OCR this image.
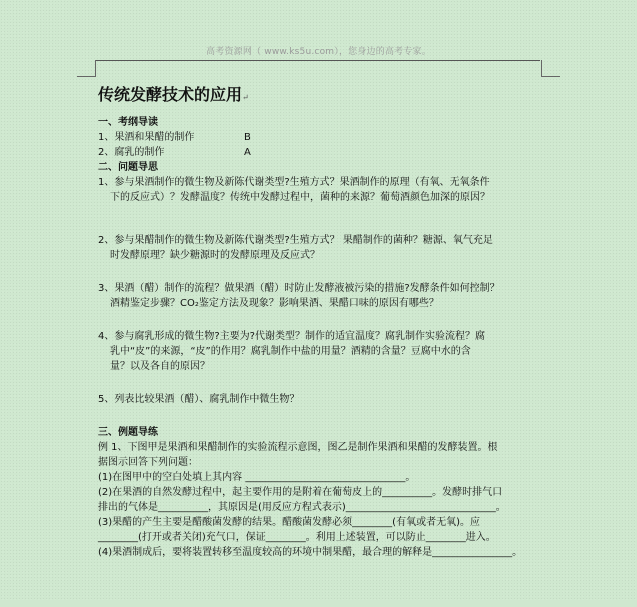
高考资源网（ www.ks5u.com），您身边的高考专家。
传统发酵技术的应用↵
一、考纲导读
1、果酒和果醋的制作	B
2、腐乳的制作	A
二、问题导思
1、参与果酒制作的微生物及新陈代谢类型?生殖方式？果酒制作的原理（有氧、无氧条件
下的反应式）？发酵温度？传统中发酵过程中，菌种的来源？葡萄酒颜色加深的原因？
2、参与果醋制作的微生物及新陈代谢类型?生殖方式？ 果醋制作的菌种？糖源、氧气充足
时发酵原理？缺少糖源时的发酵原理及反应式？
3、果酒（醋）制作的流程？做果酒（醋）时防止发酵液被污染的措施?发酵条件如何控制？
酒精鉴定步骤？CO₂鉴定方法及现象？影响果酒、果醋口味的原因有哪些？
4、参与腐乳形成的微生物?主要为?代谢类型？制作的适宜温度？腐乳制作实验流程？腐
乳中“皮”的来源，“皮”的作用？腐乳制作中盐的用量？酒精的含量？豆腐中水的含
量？以及各自的原因？
5、列表比较果酒（醋）、腐乳制作中微生物？
三、例题导练
例 1、下图甲是果酒和果醋制作的实验流程示意图，图乙是制作果酒和果醋的发酵装置。根
据图示回答下列问题：
(1)在图甲中的空白处填上其内容 ________________________________。
(2)在果酒的自然发酵过程中，起主要作用的是附着在葡萄皮上的__________。发酵时排气口
排出的气体是__________，其原因是(用反应方程式表示)______________________________。
(3)果醋的产生主要是醋酸菌发酵的结果。醋酸菌发酵必须________(有氧或者无氧)。应
________(打开或者关闭)充气口，保证________。利用上述装置，可以防止________进入。
(4)果酒制成后，要将装置转移至温度较高的环境中制果醋，最合理的解释是________________。
